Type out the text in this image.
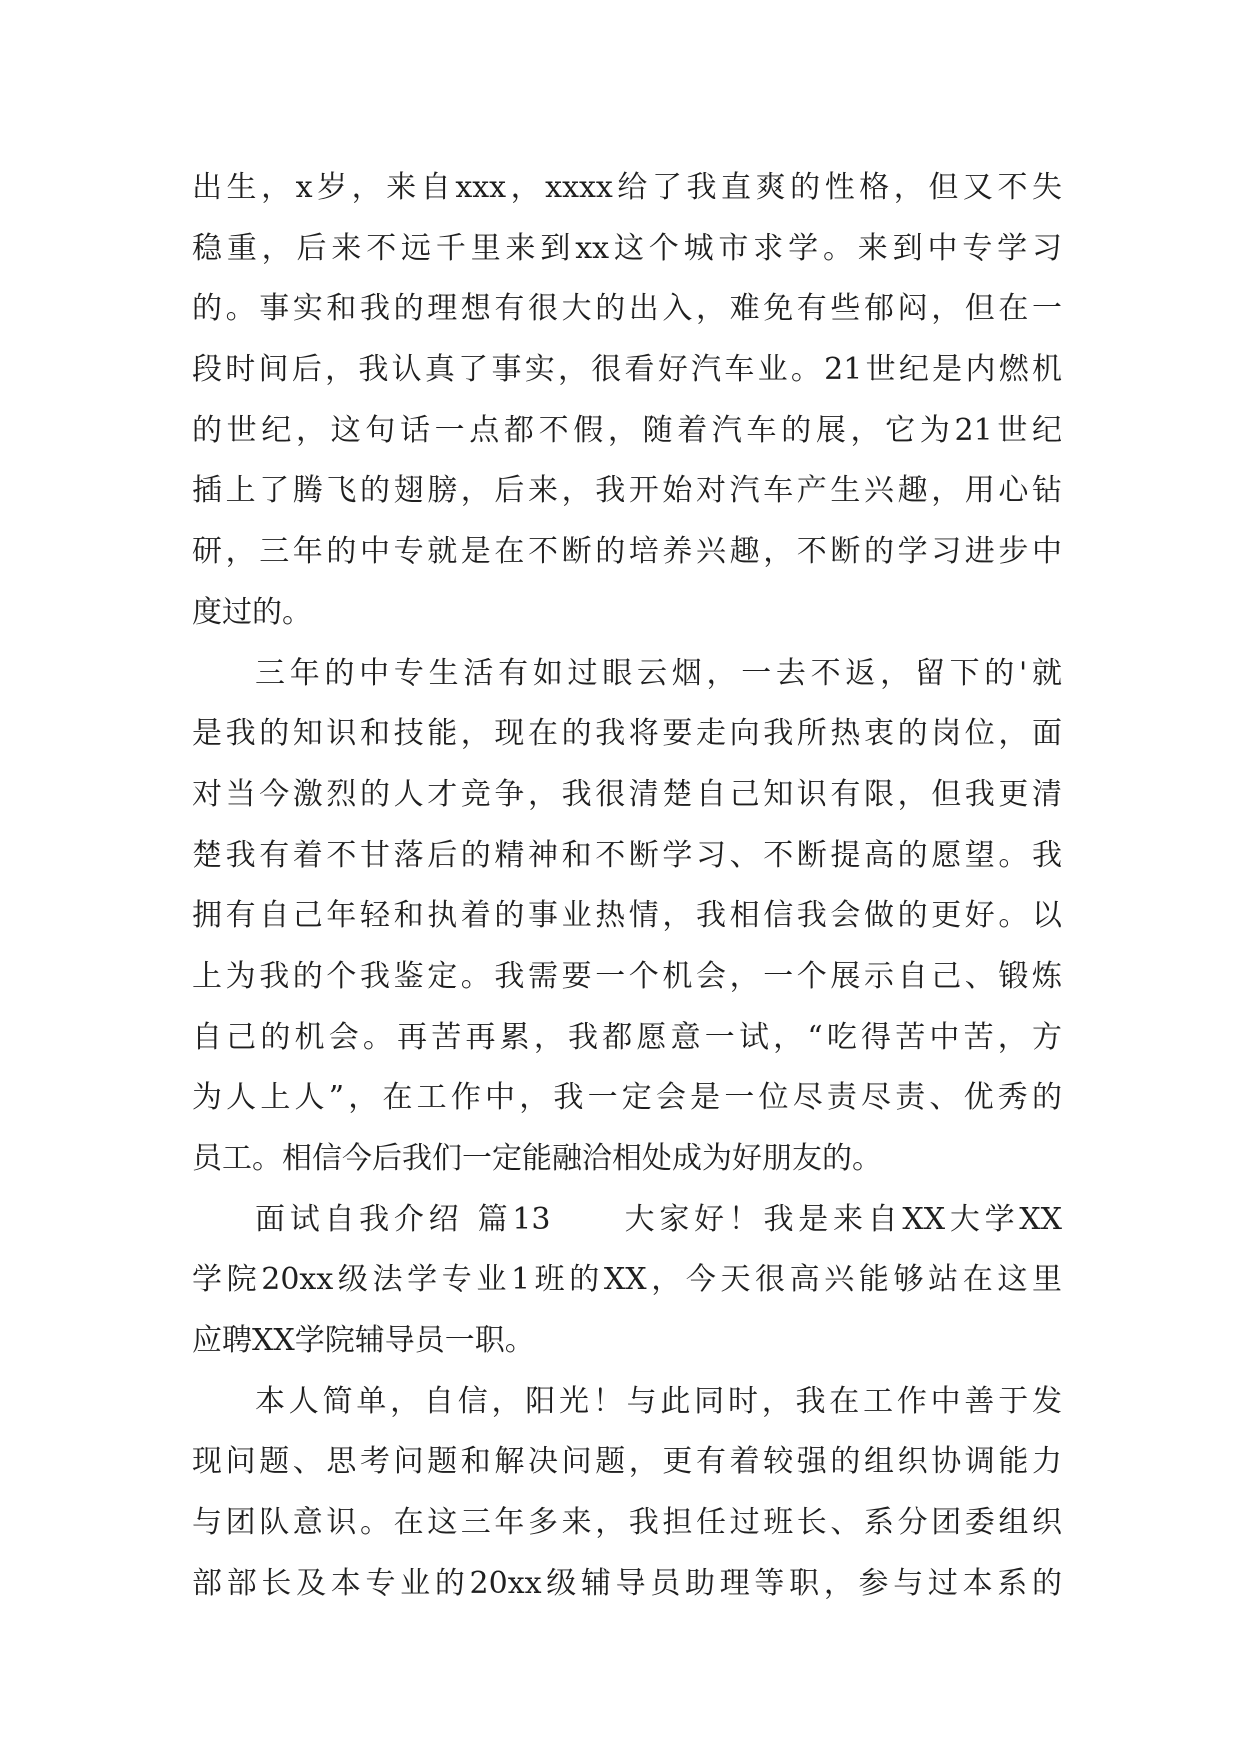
出生，x岁，来自xxx，xxxx给了我直爽的性格，但又不失
稳重，后来不远千里来到xx这个城市求学。来到中专学习
的。事实和我的理想有很大的出入，难免有些郁闷，但在一
段时间后，我认真了事实，很看好汽车业。21世纪是内燃机
的世纪，这句话一点都不假，随着汽车的展，它为21世纪
插上了腾飞的翅膀，后来，我开始对汽车产生兴趣，用心钻
研，三年的中专就是在不断的培养兴趣，不断的学习进步中
度过的。
三年的中专生活有如过眼云烟，一去不返，留下的'就
是我的知识和技能，现在的我将要走向我所热衷的岗位，面
对当今激烈的人才竞争，我很清楚自己知识有限，但我更清
楚我有着不甘落后的精神和不断学习、不断提高的愿望。我
拥有自己年轻和执着的事业热情，我相信我会做的更好。以
上为我的个我鉴定。我需要一个机会，一个展示自己、锻炼
自己的机会。再苦再累，我都愿意一试，“吃得苦中苦，方
为人上人”，在工作中，我一定会是一位尽责尽责、优秀的
员工。相信今后我们一定能融洽相处成为好朋友的。
面试自我介绍 篇13　　大家好！我是来自XX大学XX
学院20xx级法学专业1班的XX，今天很高兴能够站在这里
应聘XX学院辅导员一职。
本人简单，自信，阳光！与此同时，我在工作中善于发
现问题、思考问题和解决问题，更有着较强的组织协调能力
与团队意识。在这三年多来，我担任过班长、系分团委组织
部部长及本专业的20xx级辅导员助理等职，参与过本系的
